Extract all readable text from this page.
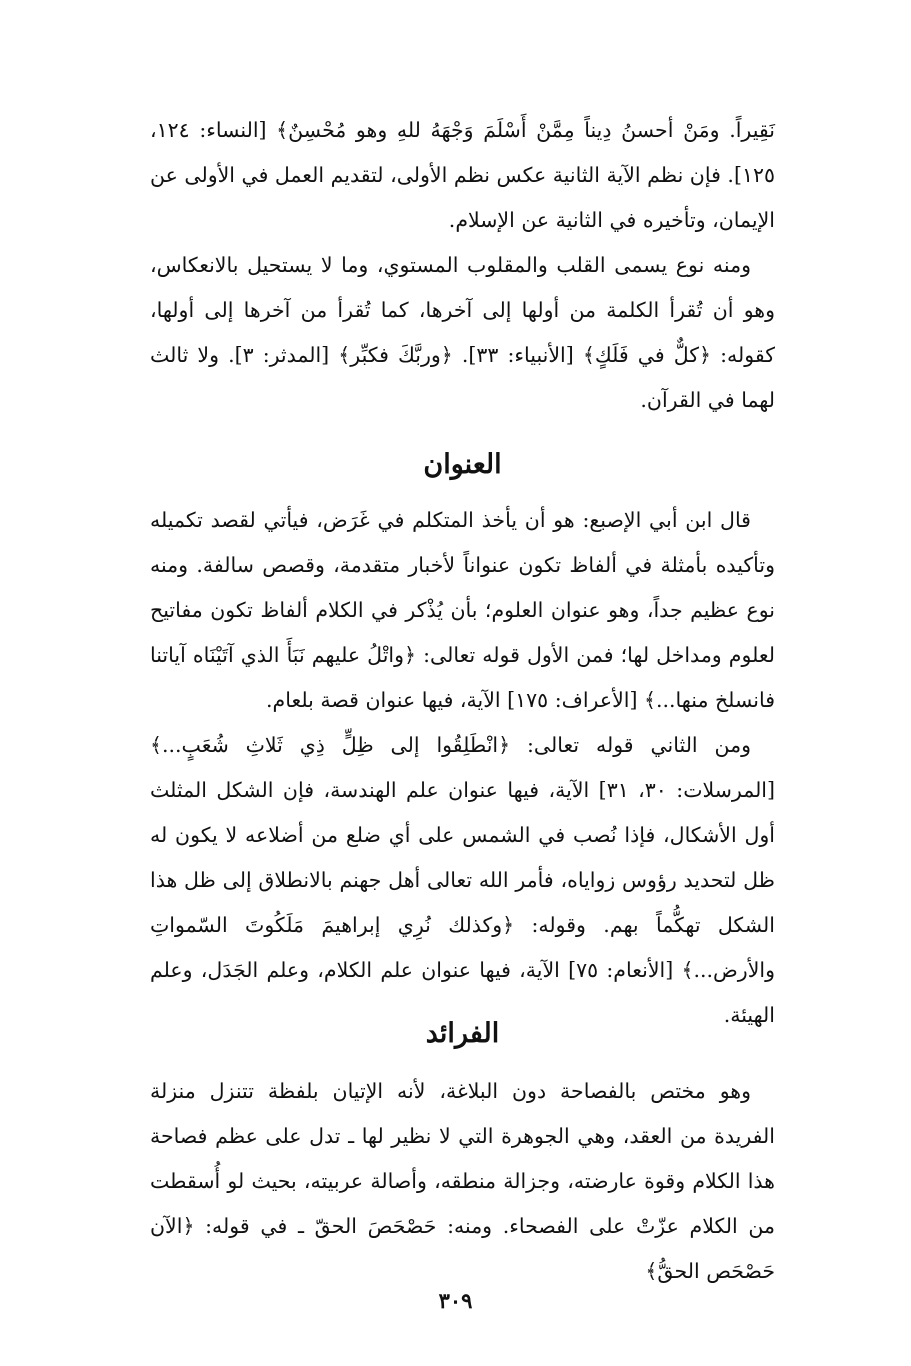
نَقِيراً. ومَنْ أحسنُ دِيناً مِمَّنْ أَسْلَمَ وَجْهَهُ للهِ وهو مُحْسِنٌ﴾ [النساء: ١٢٤، ١٢٥]. فإن نظم الآية الثانية عكس نظم الأولى، لتقديم العمل في الأولى عن الإيمان، وتأخيره في الثانية عن الإسلام.

ومنه نوع يسمى القلب والمقلوب المستوي، وما لا يستحيل بالانعكاس، وهو أن تُقرأ الكلمة من أولها إلى آخرها، كما تُقرأ من آخرها إلى أولها، كقوله: ﴿كلٌّ في فَلَكٍ﴾ [الأنبياء: ٣٣]. ﴿وربَّكَ فكبِّر﴾ [المدثر: ٣]. ولا ثالث لهما في القرآن.

العنوان

قال ابن أبي الإصبع: هو أن يأخذ المتكلم في غَرَض، فيأتي لقصد تكميله وتأكيده بأمثلة في ألفاظ تكون عنواناً لأخبار متقدمة، وقصص سالفة. ومنه نوع عظيم جداً، وهو عنوان العلوم؛ بأن يُذْكر في الكلام ألفاظ تكون مفاتيح لعلوم ومداخل لها؛ فمن الأول قوله تعالى: ﴿واتْلُ عليهم نَبَأَ الذي آتَيْنَاه آياتنا فانسلخ منها...﴾ [الأعراف: ١٧٥] الآية، فيها عنوان قصة بلعام.

ومن الثاني قوله تعالى: ﴿انْطَلِقُوا إلى ظِلٍّ ذِي ثَلاثِ شُعَبٍ...﴾ [المرسلات: ٣٠، ٣١] الآية، فيها عنوان علم الهندسة، فإن الشكل المثلث أول الأشكال، فإذا نُصب في الشمس على أي ضلع من أضلاعه لا يكون له ظل لتحديد رؤوس زواياه، فأمر الله تعالى أهل جهنم بالانطلاق إلى ظل هذا الشكل تهكُّماً بهم. وقوله: ﴿وكذلك نُرِي إبراهيمَ مَلَكُوتَ السّمواتِ والأرض...﴾ [الأنعام: ٧٥] الآية، فيها عنوان علم الكلام، وعلم الجَدَل، وعلم الهيئة.

الفرائد

وهو مختص بالفصاحة دون البلاغة، لأنه الإتيان بلفظة تتنزل منزلة الفريدة من العقد، وهي الجوهرة التي لا نظير لها ـ تدل على عظم فصاحة هذا الكلام وقوة عارضته، وجزالة منطقه، وأصالة عربيته، بحيث لو أُسقطت من الكلام عزّتْ على الفصحاء. ومنه: حَصْحَصَ الحقّ ـ في قوله: ﴿الآن حَصْحَص الحقُّ﴾

٣٠٩
